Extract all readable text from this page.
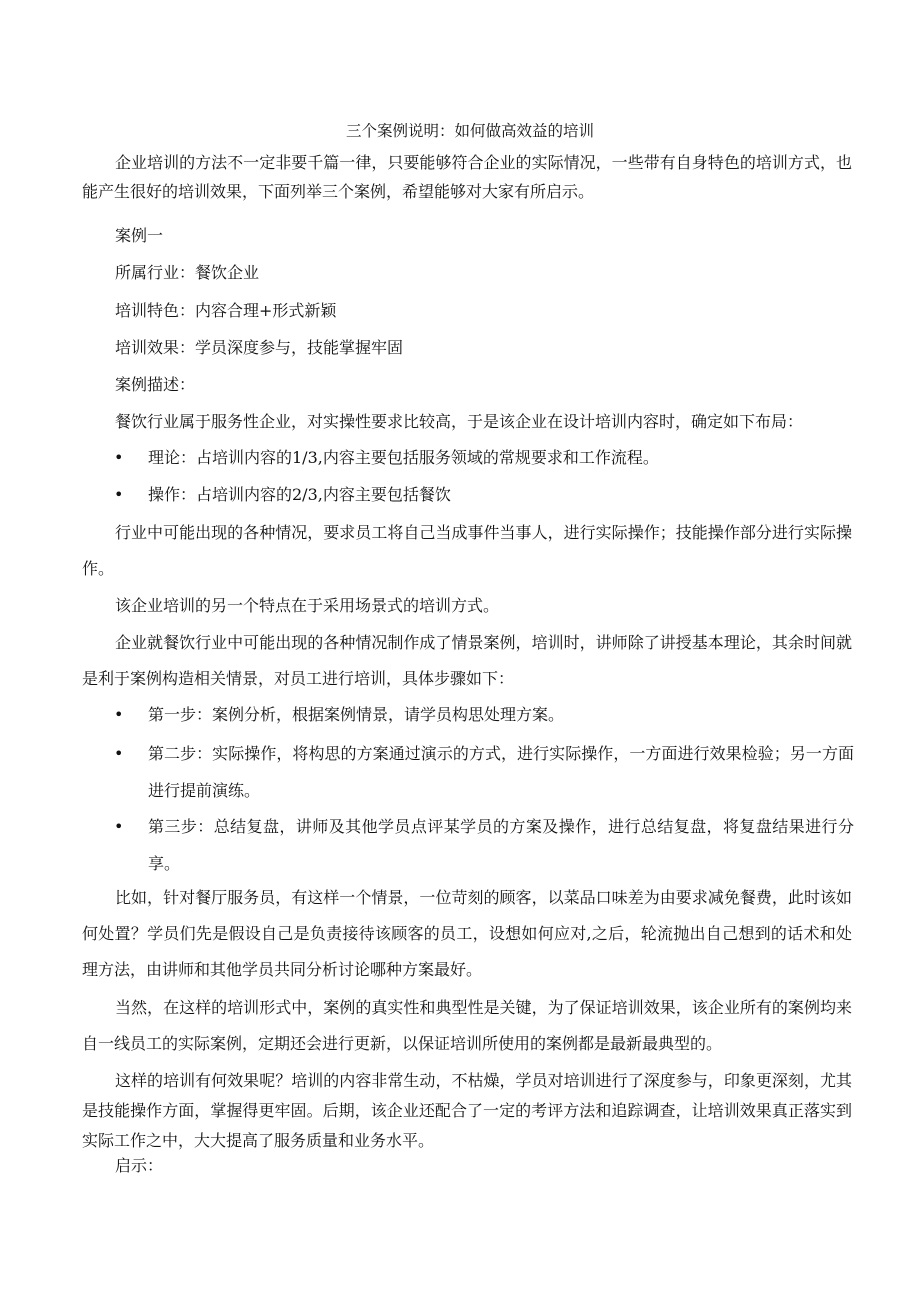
三个案例说明：如何做高效益的培训
企业培训的方法不一定非要千篇一律，只要能够符合企业的实际情况，一些带有自身特色的培训方式，也能产生很好的培训效果，下面列举三个案例，希望能够对大家有所启示。
案例一
所属行业：餐饮企业
培训特色：内容合理+形式新颖
培训效果：学员深度参与，技能掌握牢固
案例描述：
餐饮行业属于服务性企业，对实操性要求比较高，于是该企业在设计培训内容时，确定如下布局：
• 理论：占培训内容的1/3,内容主要包括服务领域的常规要求和工作流程。
• 操作：占培训内容的2/3,内容主要包括餐饮
行业中可能出现的各种情况，要求员工将自己当成事件当事人，进行实际操作；技能操作部分进行实际操作。
该企业培训的另一个特点在于采用场景式的培训方式。
企业就餐饮行业中可能出现的各种情况制作成了情景案例，培训时，讲师除了讲授基本理论，其余时间就是利于案例构造相关情景，对员工进行培训，具体步骤如下：
• 第一步：案例分析，根据案例情景，请学员构思处理方案。
• 第二步：实际操作，将构思的方案通过演示的方式，进行实际操作，一方面进行效果检验；另一方面进行提前演练。
• 第三步：总结复盘，讲师及其他学员点评某学员的方案及操作，进行总结复盘，将复盘结果进行分享。
比如，针对餐厅服务员，有这样一个情景，一位苛刻的顾客，以菜品口味差为由要求减免餐费，此时该如何处置？学员们先是假设自己是负责接待该顾客的员工，设想如何应对,之后，轮流抛出自己想到的话术和处理方法，由讲师和其他学员共同分析讨论哪种方案最好。
当然，在这样的培训形式中，案例的真实性和典型性是关键，为了保证培训效果，该企业所有的案例均来自一线员工的实际案例，定期还会进行更新，以保证培训所使用的案例都是最新最典型的。
这样的培训有何效果呢？培训的内容非常生动，不枯燥，学员对培训进行了深度参与，印象更深刻，尤其是技能操作方面，掌握得更牢固。后期，该企业还配合了一定的考评方法和追踪调查，让培训效果真正落实到实际工作之中，大大提高了服务质量和业务水平。
启示：
